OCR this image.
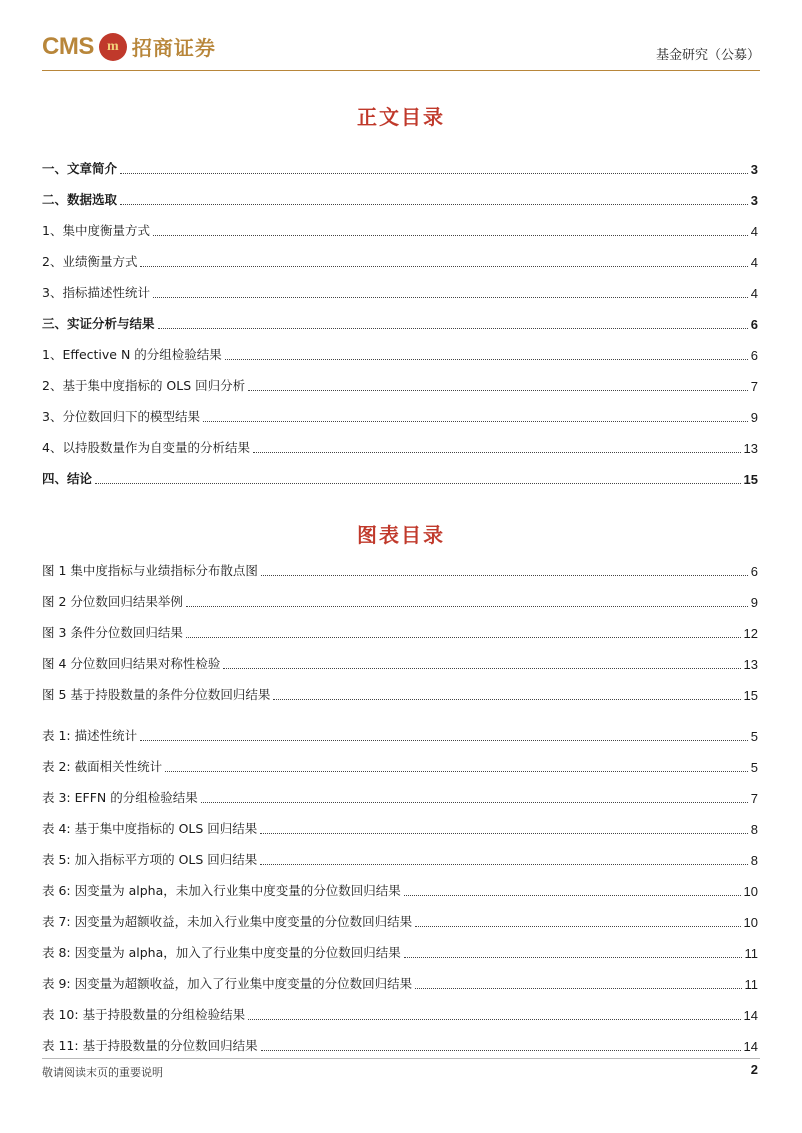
CMS m 招商证券	基金研究（公募）
正文目录
一、文章简介	3
二、数据选取	3
1、集中度衡量方式	4
2、业绩衡量方式	4
3、指标描述性统计	4
三、实证分析与结果	6
1、Effective N 的分组检验结果	6
2、基于集中度指标的 OLS 回归分析	7
3、分位数回归下的模型结果	9
4、以持股数量作为自变量的分析结果	13
四、结论	15
图表目录
图 1 集中度指标与业绩指标分布散点图	6
图 2 分位数回归结果举例	9
图 3 条件分位数回归结果	12
图 4 分位数回归结果对称性检验	13
图 5 基于持股数量的条件分位数回归结果	15
表 1: 描述性统计	5
表 2: 截面相关性统计	5
表 3: EFFN 的分组检验结果	7
表 4: 基于集中度指标的 OLS 回归结果	8
表 5: 加入指标平方项的 OLS 回归结果	8
表 6: 因变量为 alpha，未加入行业集中度变量的分位数回归结果	10
表 7: 因变量为超额收益，未加入行业集中度变量的分位数回归结果	10
表 8: 因变量为 alpha，加入了行业集中度变量的分位数回归结果	11
表 9: 因变量为超额收益，加入了行业集中度变量的分位数回归结果	11
表 10: 基于持股数量的分组检验结果	14
表 11: 基于持股数量的分位数回归结果	14
敬请阅读末页的重要说明	2
